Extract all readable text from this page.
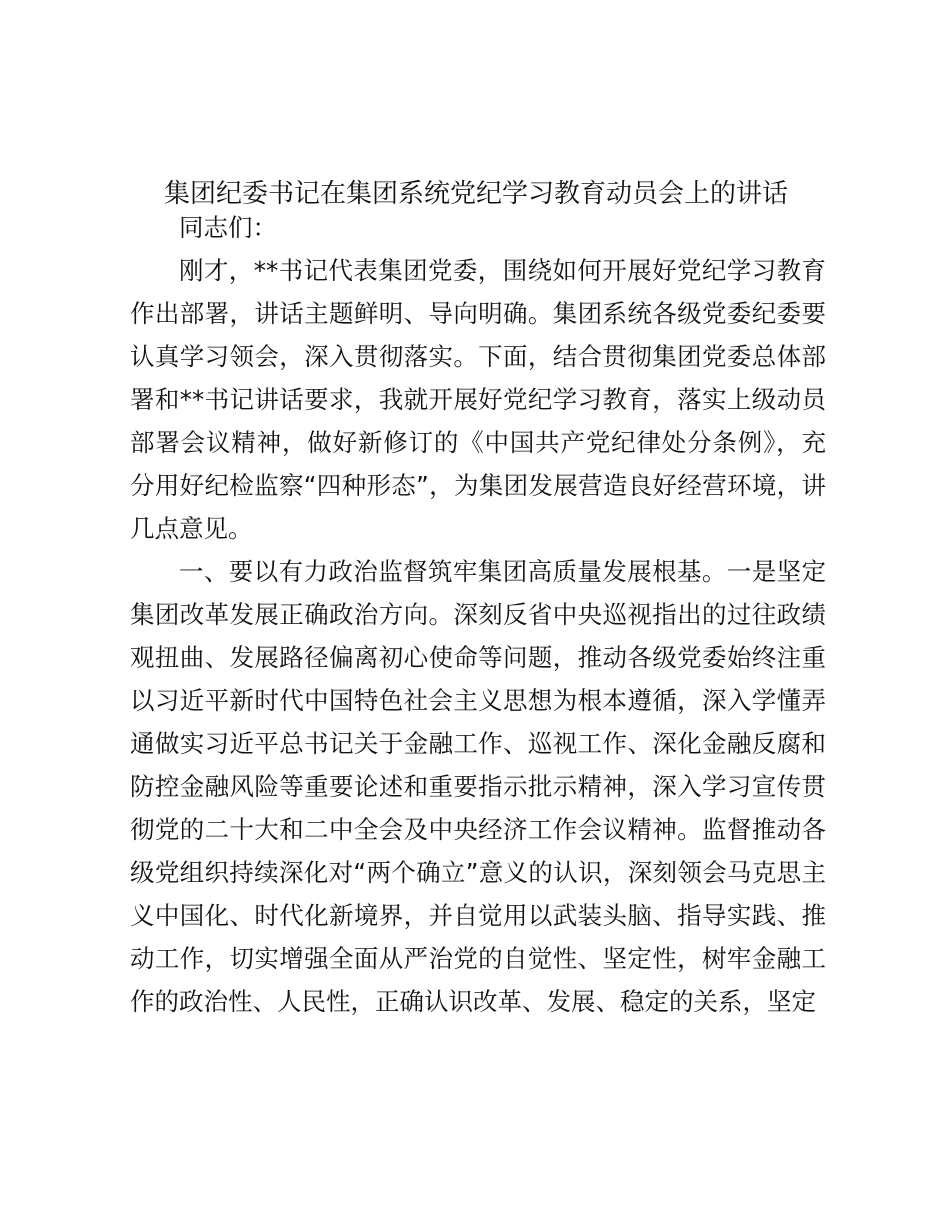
集团纪委书记在集团系统党纪学习教育动员会上的讲话

同志们：

刚才，**书记代表集团党委，围绕如何开展好党纪学习教育作出部署，讲话主题鲜明、导向明确。集团系统各级党委纪委要认真学习领会，深入贯彻落实。下面，结合贯彻集团党委总体部署和**书记讲话要求，我就开展好党纪学习教育，落实上级动员部署会议精神，做好新修订的《中国共产党纪律处分条例》，充分用好纪检监察“四种形态”，为集团发展营造良好经营环境，讲几点意见。

一、要以有力政治监督筑牢集团高质量发展根基。一是坚定集团改革发展正确政治方向。深刻反省中央巡视指出的过往政绩观扭曲、发展路径偏离初心使命等问题，推动各级党委始终注重以习近平新时代中国特色社会主义思想为根本遵循，深入学懂弄通做实习近平总书记关于金融工作、巡视工作、深化金融反腐和防控金融风险等重要论述和重要指示批示精神，深入学习宣传贯彻党的二十大和二中全会及中央经济工作会议精神。监督推动各级党组织持续深化对“两个确立”意义的认识，深刻领会马克思主义中国化、时代化新境界，并自觉用以武装头脑、指导实践、推动工作，切实增强全面从严治党的自觉性、坚定性，树牢金融工作的政治性、人民性，正确认识改革、发展、稳定的关系，坚定
